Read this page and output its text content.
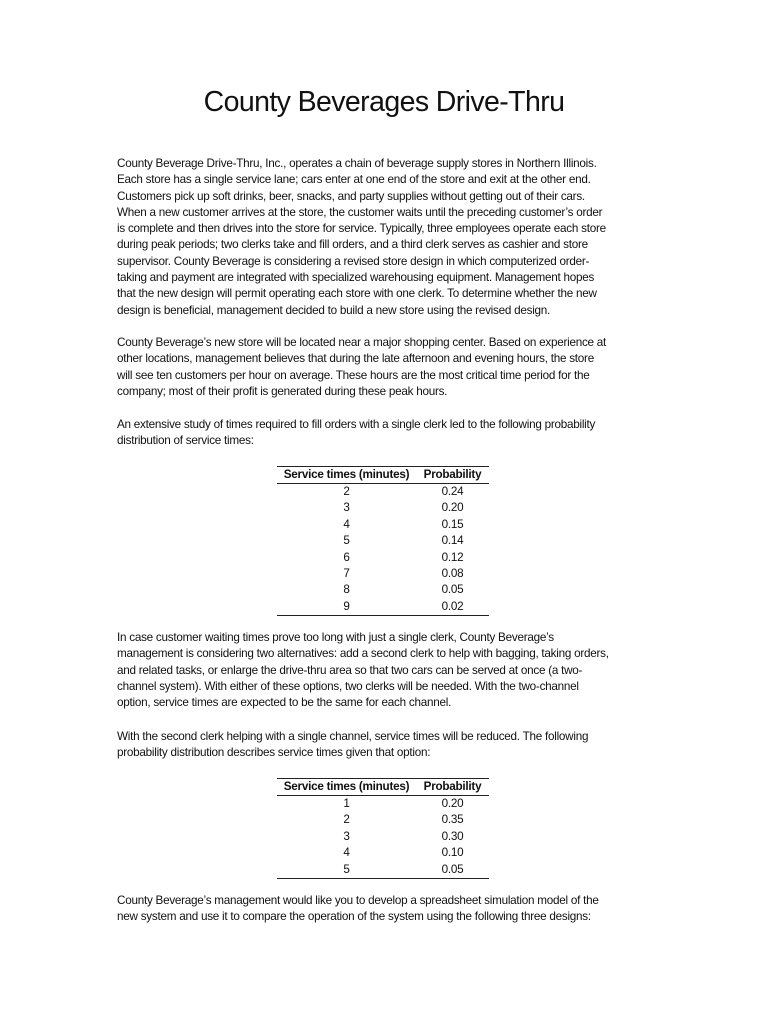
County Beverages Drive-Thru

County Beverage Drive-Thru, Inc., operates a chain of beverage supply stores in Northern Illinois.
Each store has a single service lane; cars enter at one end of the store and exit at the other end.
Customers pick up soft drinks, beer, snacks, and party supplies without getting out of their cars.
When a new customer arrives at the store, the customer waits until the preceding customer’s order
is complete and then drives into the store for service. Typically, three employees operate each store
during peak periods; two clerks take and fill orders, and a third clerk serves as cashier and store
supervisor. County Beverage is considering a revised store design in which computerized order-
taking and payment are integrated with specialized warehousing equipment. Management hopes
that the new design will permit operating each store with one clerk. To determine whether the new
design is beneficial, management decided to build a new store using the revised design.

County Beverage’s new store will be located near a major shopping center. Based on experience at
other locations, management believes that during the late afternoon and evening hours, the store
will see ten customers per hour on average. These hours are the most critical time period for the
company; most of their profit is generated during these peak hours.

An extensive study of times required to fill orders with a single clerk led to the following probability
distribution of service times:

Service times (minutes)	Probability
2	0.24
3	0.20
4	0.15
5	0.14
6	0.12
7	0.08
8	0.05
9	0.02

In case customer waiting times prove too long with just a single clerk, County Beverage’s
management is considering two alternatives: add a second clerk to help with bagging, taking orders,
and related tasks, or enlarge the drive-thru area so that two cars can be served at once (a two-
channel system). With either of these options, two clerks will be needed. With the two-channel
option, service times are expected to be the same for each channel.

With the second clerk helping with a single channel, service times will be reduced. The following
probability distribution describes service times given that option:

Service times (minutes)	Probability
1	0.20
2	0.35
3	0.30
4	0.10
5	0.05

County Beverage’s management would like you to develop a spreadsheet simulation model of the
new system and use it to compare the operation of the system using the following three designs:
